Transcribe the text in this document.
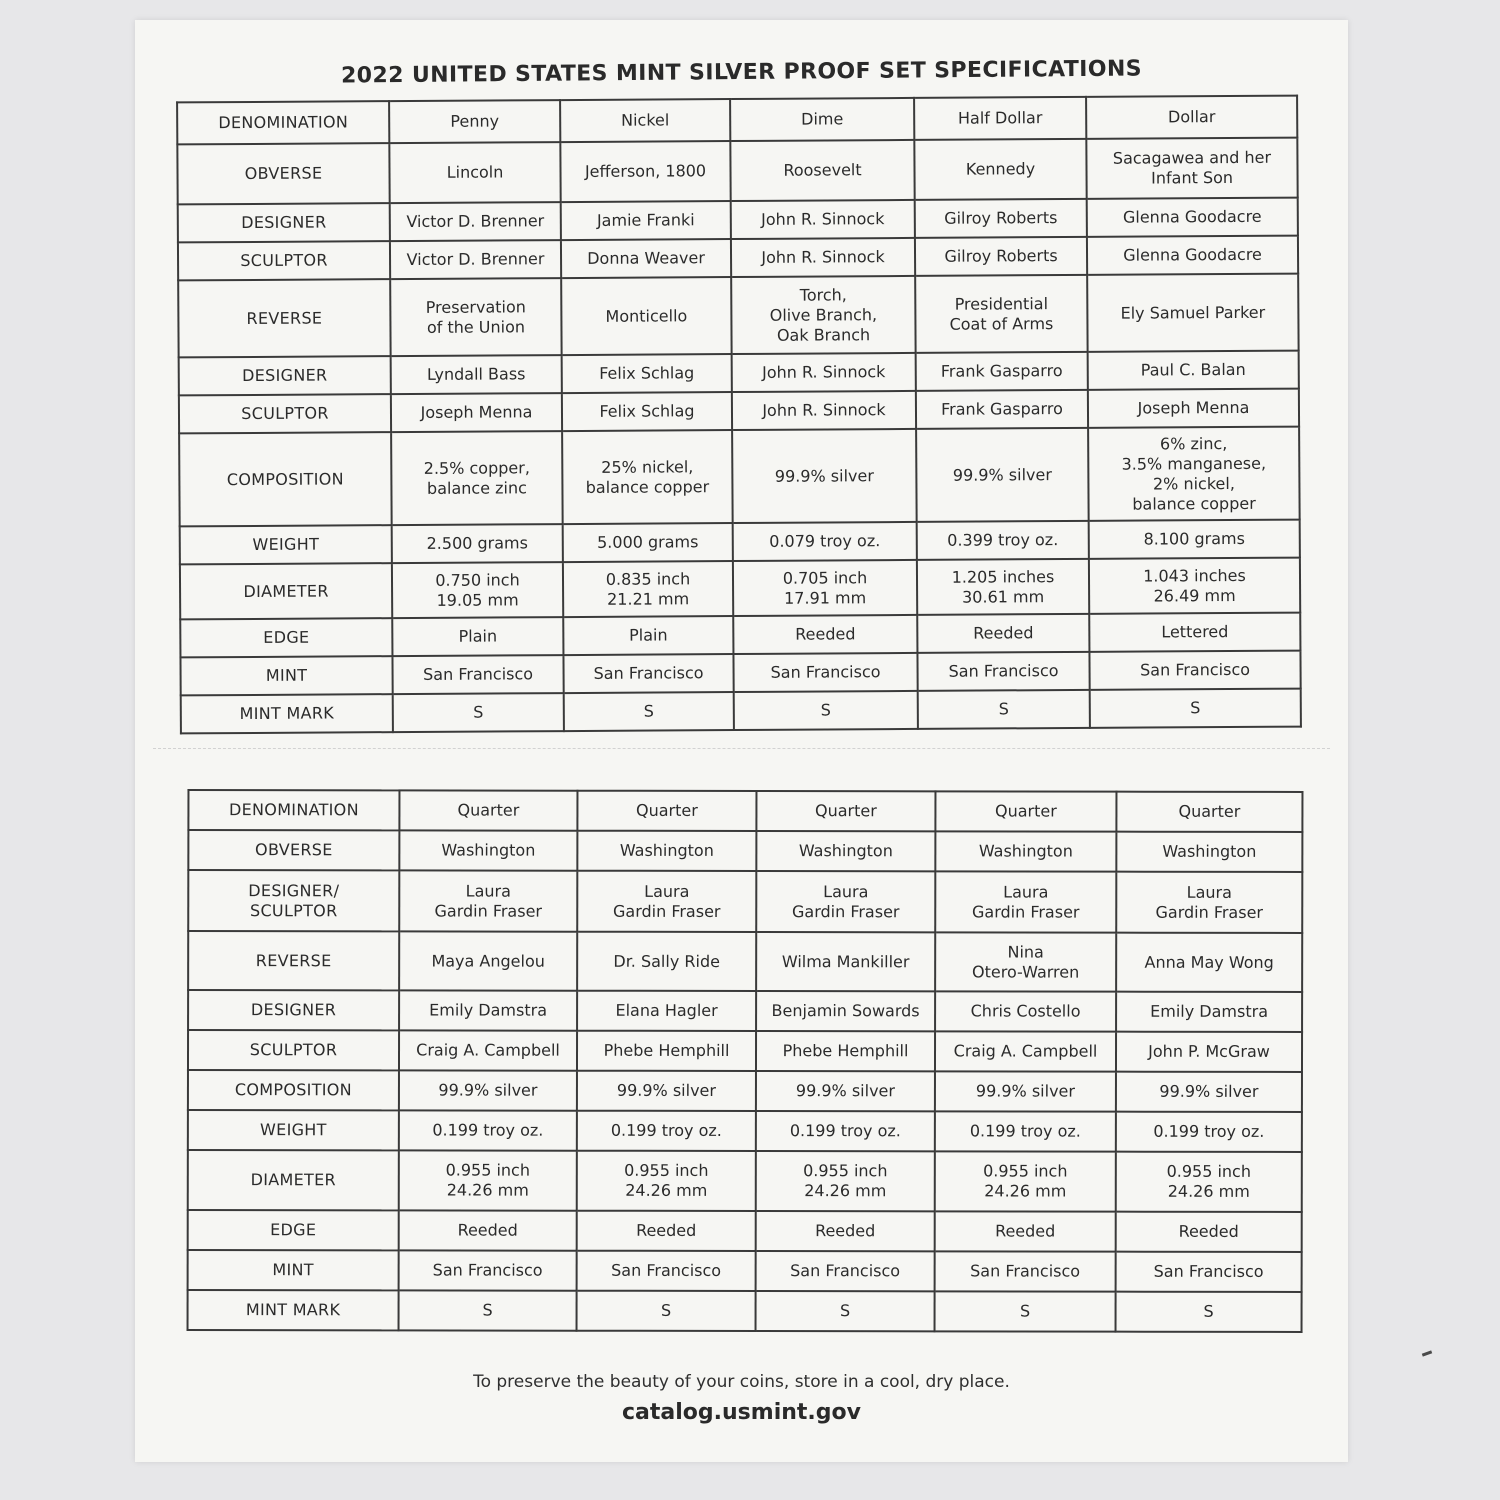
2022 UNITED STATES MINT SILVER PROOF SET SPECIFICATIONS
DENOMINATION	Penny	Nickel	Dime	Half Dollar	Dollar
OBVERSE	Lincoln	Jefferson, 1800	Roosevelt	Kennedy	Sacagawea and her
Infant Son
DESIGNER	Victor D. Brenner	Jamie Franki	John R. Sinnock	Gilroy Roberts	Glenna Goodacre
SCULPTOR	Victor D. Brenner	Donna Weaver	John R. Sinnock	Gilroy Roberts	Glenna Goodacre
REVERSE	Preservation
of the Union	Monticello	Torch,
Olive Branch,
Oak Branch	Presidential
Coat of Arms	Ely Samuel Parker
DESIGNER	Lyndall Bass	Felix Schlag	John R. Sinnock	Frank Gasparro	Paul C. Balan
SCULPTOR	Joseph Menna	Felix Schlag	John R. Sinnock	Frank Gasparro	Joseph Menna
COMPOSITION	2.5% copper,
balance zinc	25% nickel,
balance copper	99.9% silver	99.9% silver	6% zinc,
3.5% manganese,
2% nickel,
balance copper
WEIGHT	2.500 grams	5.000 grams	0.079 troy oz.	0.399 troy oz.	8.100 grams
DIAMETER	0.750 inch
19.05 mm	0.835 inch
21.21 mm	0.705 inch
17.91 mm	1.205 inches
30.61 mm	1.043 inches
26.49 mm
EDGE	Plain	Plain	Reeded	Reeded	Lettered
MINT	San Francisco	San Francisco	San Francisco	San Francisco	San Francisco
MINT MARK	S	S	S	S	S
DENOMINATION	Quarter	Quarter	Quarter	Quarter	Quarter
OBVERSE	Washington	Washington	Washington	Washington	Washington
DESIGNER/
SCULPTOR	Laura
Gardin Fraser	Laura
Gardin Fraser	Laura
Gardin Fraser	Laura
Gardin Fraser	Laura
Gardin Fraser
REVERSE	Maya Angelou	Dr. Sally Ride	Wilma Mankiller	Nina
Otero-Warren	Anna May Wong
DESIGNER	Emily Damstra	Elana Hagler	Benjamin Sowards	Chris Costello	Emily Damstra
SCULPTOR	Craig A. Campbell	Phebe Hemphill	Phebe Hemphill	Craig A. Campbell	John P. McGraw
COMPOSITION	99.9% silver	99.9% silver	99.9% silver	99.9% silver	99.9% silver
WEIGHT	0.199 troy oz.	0.199 troy oz.	0.199 troy oz.	0.199 troy oz.	0.199 troy oz.
DIAMETER	0.955 inch
24.26 mm	0.955 inch
24.26 mm	0.955 inch
24.26 mm	0.955 inch
24.26 mm	0.955 inch
24.26 mm
EDGE	Reeded	Reeded	Reeded	Reeded	Reeded
MINT	San Francisco	San Francisco	San Francisco	San Francisco	San Francisco
MINT MARK	S	S	S	S	S
To preserve the beauty of your coins, store in a cool, dry place.
catalog.usmint.gov
